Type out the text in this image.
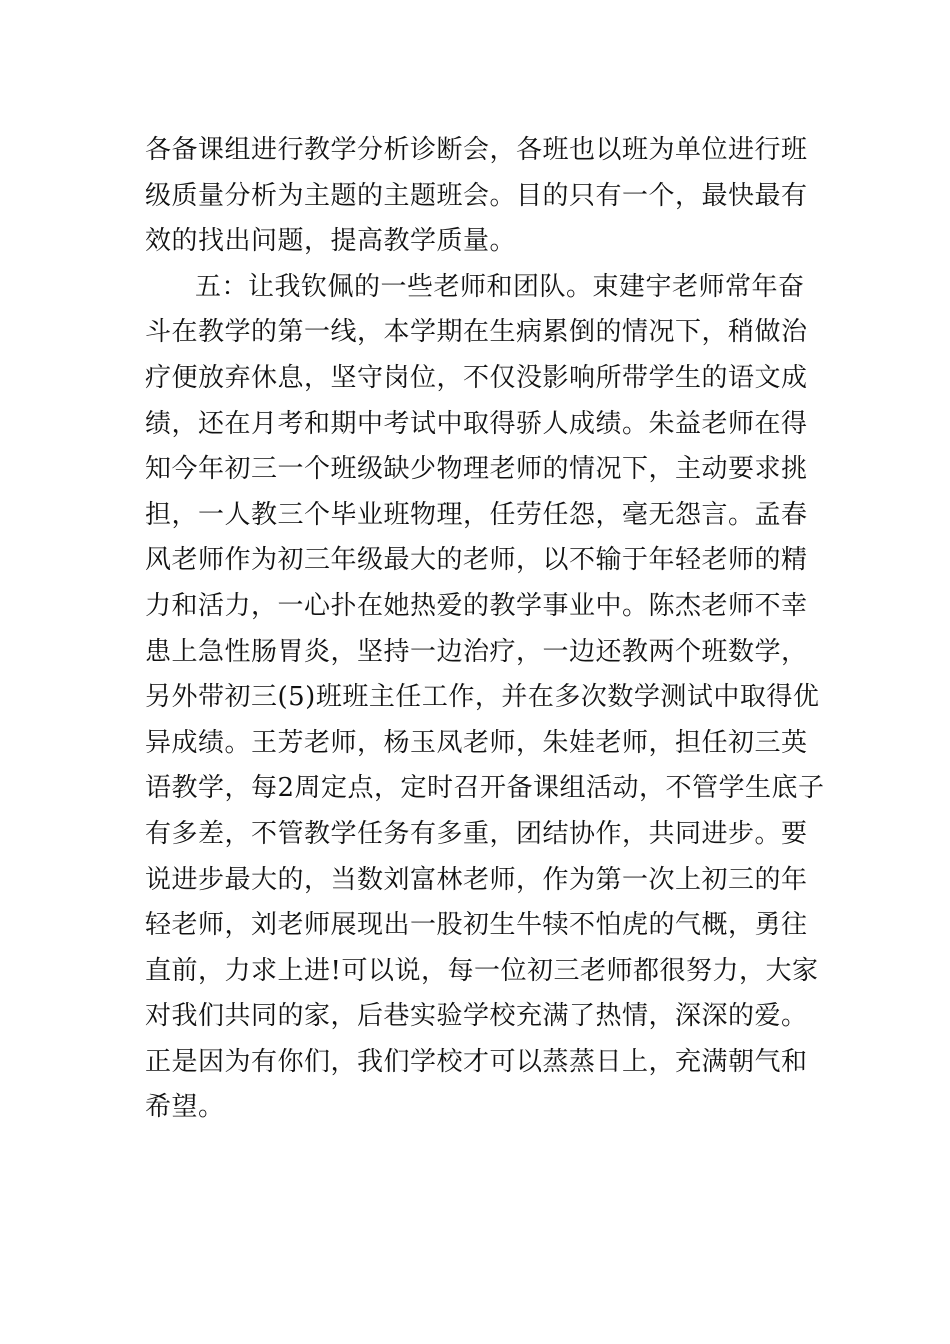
各备课组进行教学分析诊断会，各班也以班为单位进行班
级质量分析为主题的主题班会。目的只有一个，最快最有
效的找出问题，提高教学质量。
五：让我钦佩的一些老师和团队。束建宇老师常年奋
斗在教学的第一线，本学期在生病累倒的情况下，稍做治
疗便放弃休息，坚守岗位，不仅没影响所带学生的语文成
绩，还在月考和期中考试中取得骄人成绩。朱益老师在得
知今年初三一个班级缺少物理老师的情况下，主动要求挑
担，一人教三个毕业班物理，任劳任怨，毫无怨言。孟春
风老师作为初三年级最大的老师，以不输于年轻老师的精
力和活力，一心扑在她热爱的教学事业中。陈杰老师不幸
患上急性肠胃炎，坚持一边治疗，一边还教两个班数学，
另外带初三(5)班班主任工作，并在多次数学测试中取得优
异成绩。王芳老师，杨玉凤老师，朱娃老师，担任初三英
语教学，每2周定点，定时召开备课组活动，不管学生底子
有多差，不管教学任务有多重，团结协作，共同进步。要
说进步最大的，当数刘富林老师，作为第一次上初三的年
轻老师，刘老师展现出一股初生牛犊不怕虎的气概，勇往
直前，力求上进!可以说，每一位初三老师都很努力，大家
对我们共同的家，后巷实验学校充满了热情，深深的爱。
正是因为有你们，我们学校才可以蒸蒸日上，充满朝气和
希望。
